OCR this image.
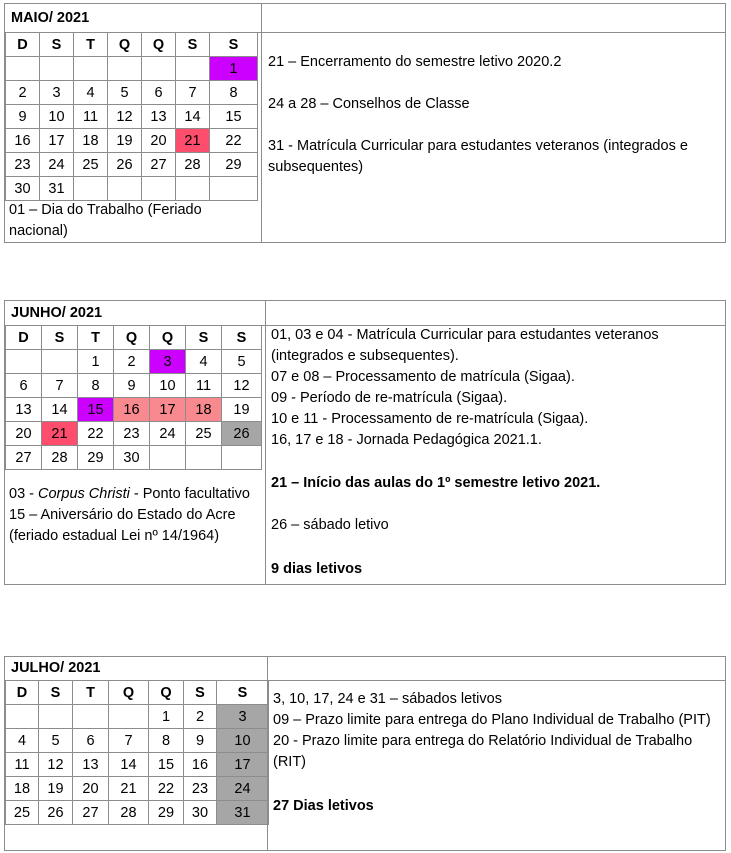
MAIO/ 2021
D	S	T	Q	Q	S	S
						1
2	3	4	5	6	7	8
9	10	11	12	13	14	15
16	17	18	19	20	21	22
23	24	25	26	27	28	29
30	31					
01 – Dia do Trabalho (Feriado nacional)

21 – Encerramento do semestre letivo 2020.2

24 a 28 – Conselhos de Classe

31 - Matrícula Curricular para estudantes veteranos (integrados e subsequentes)

JUNHO/ 2021
D	S	T	Q	Q	S	S
		1	2	3	4	5
6	7	8	9	10	11	12
13	14	15	16	17	18	19
20	21	22	23	24	25	26
27	28	29	30			
03 - Corpus Christi - Ponto facultativo
15 – Aniversário do Estado do Acre (feriado estadual Lei nº 14/1964)

01, 03 e 04 - Matrícula Curricular para estudantes veteranos (integrados e subsequentes).

07 e 08 – Processamento de matrícula (Sigaa).

09 - Período de re-matrícula (Sigaa).

10 e 11 - Processamento de re-matrícula (Sigaa).

16, 17 e 18 - Jornada Pedagógica 2021.1.

21 – Início das aulas do 1º semestre letivo 2021.

26 – sábado letivo

9 dias letivos

JULHO/ 2021
D	S	T	Q	Q	S	S
				1	2	3
4	5	6	7	8	9	10
11	12	13	14	15	16	17
18	19	20	21	22	23	24
25	26	27	28	29	30	31

3, 10, 17, 24 e 31 – sábados letivos

09 – Prazo limite para entrega do Plano Individual de Trabalho (PIT)

20 - Prazo limite para entrega do Relatório Individual de Trabalho (RIT)

27 Dias letivos
